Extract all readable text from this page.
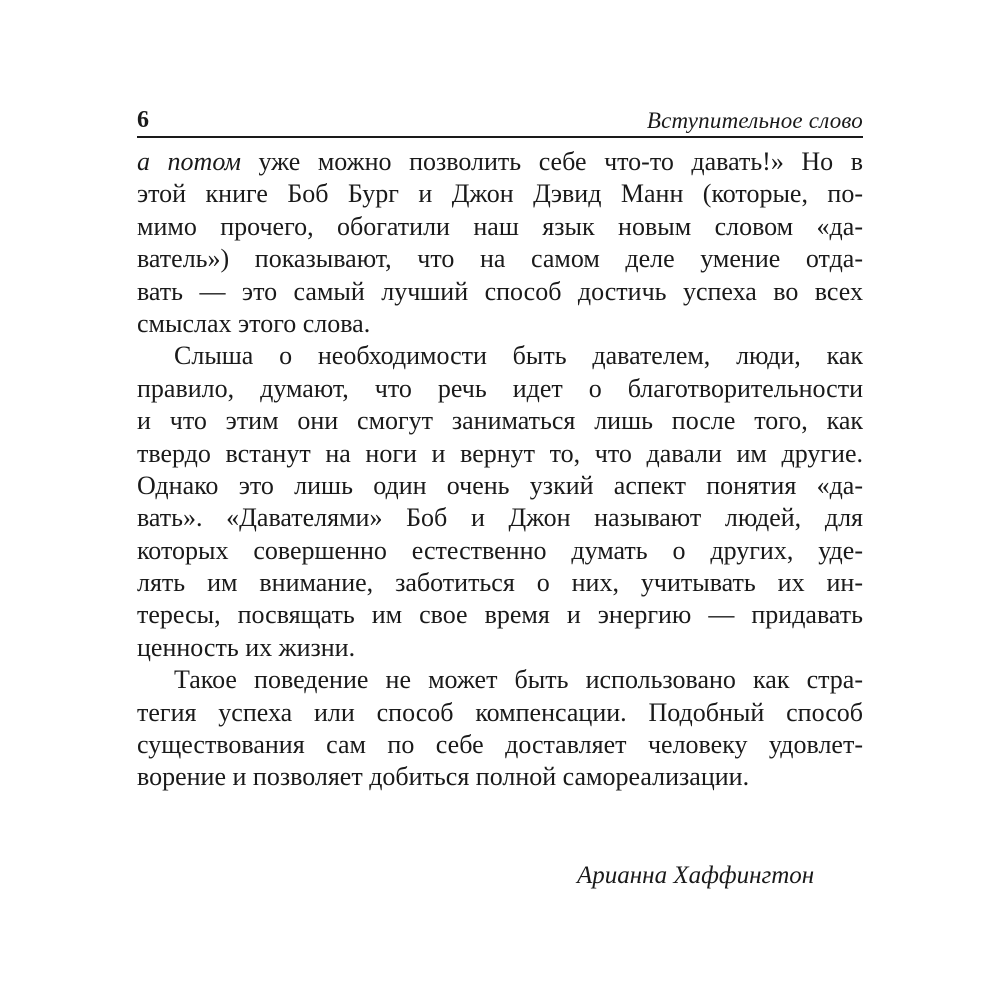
6	Вступительное слово
а потом уже можно позволить себе что-то давать!» Но в
этой книге Боб Бург и Джон Дэвид Манн (которые, по-
мимо прочего, обогатили наш язык новым словом «да-
ватель») показывают, что на самом деле умение отда-
вать — это самый лучший способ достичь успеха во всех
смыслах этого слова.
Слыша о необходимости быть давателем, люди, как
правило, думают, что речь идет о благотворительности
и что этим они смогут заниматься лишь после того, как
твердо встанут на ноги и вернут то, что давали им другие.
Однако это лишь один очень узкий аспект понятия «да-
вать». «Давателями» Боб и Джон называют людей, для
которых совершенно естественно думать о других, уде-
лять им внимание, заботиться о них, учитывать их ин-
тересы, посвящать им свое время и энергию — придавать
ценность их жизни.
Такое поведение не может быть использовано как стра-
тегия успеха или способ компенсации. Подобный способ
существования сам по себе доставляет человеку удовлет-
ворение и позволяет добиться полной самореализации.
Арианна Хаффингтон
